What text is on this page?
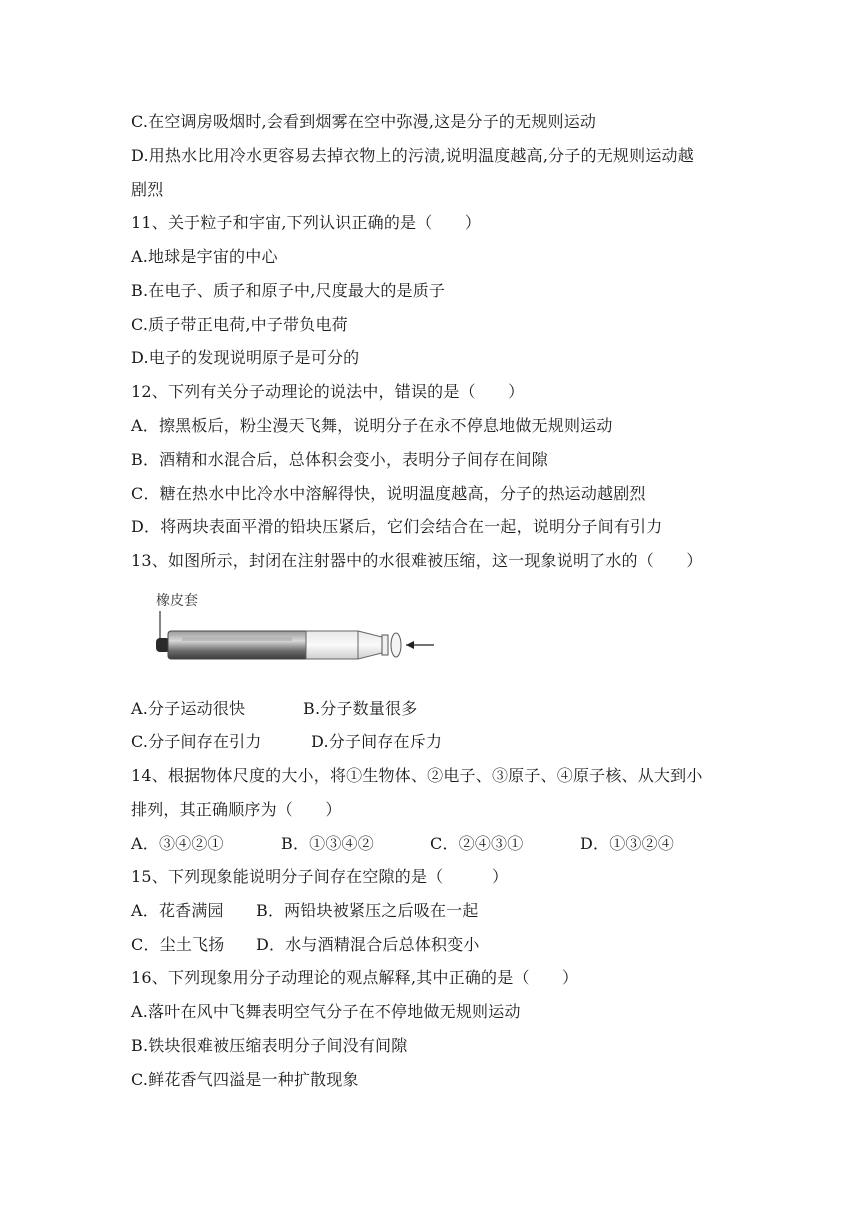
C.在空调房吸烟时,会看到烟雾在空中弥漫,这是分子的无规则运动
D.用热水比用冷水更容易去掉衣物上的污渍,说明温度越高,分子的无规则运动越
剧烈
11、关于粒子和宇宙,下列认识正确的是（　　）
A.地球是宇宙的中心
B.在电子、质子和原子中,尺度最大的是质子
C.质子带正电荷,中子带负电荷
D.电子的发现说明原子是可分的
12、下列有关分子动理论的说法中，错误的是（　　）
A．擦黑板后，粉尘漫天飞舞，说明分子在永不停息地做无规则运动
B．酒精和水混合后，总体积会变小，表明分子间存在间隙
C．糖在热水中比冷水中溶解得快，说明温度越高，分子的热运动越剧烈
D．将两块表面平滑的铅块压紧后，它们会结合在一起，说明分子间有引力
13、如图所示，封闭在注射器中的水很难被压缩，这一现象说明了水的（　　）
橡皮套
A.分子运动很快	B.分子数量很多
C.分子间存在引力	D.分子间存在斥力
14、根据物体尺度的大小，将①生物体、②电子、③原子、④原子核、从大到小
排列，其正确顺序为（　　）
A．③④②①	B．①③④②	C．②④③①	D．①③②④
15、下列现象能说明分子间存在空隙的是（　　　）
A．花香满园 B．两铅块被紧压之后吸在一起
C．尘土飞扬 D．水与酒精混合后总体积变小
16、下列现象用分子动理论的观点解释,其中正确的是（　　）
A.落叶在风中飞舞表明空气分子在不停地做无规则运动
B.铁块很难被压缩表明分子间没有间隙
C.鲜花香气四溢是一种扩散现象
